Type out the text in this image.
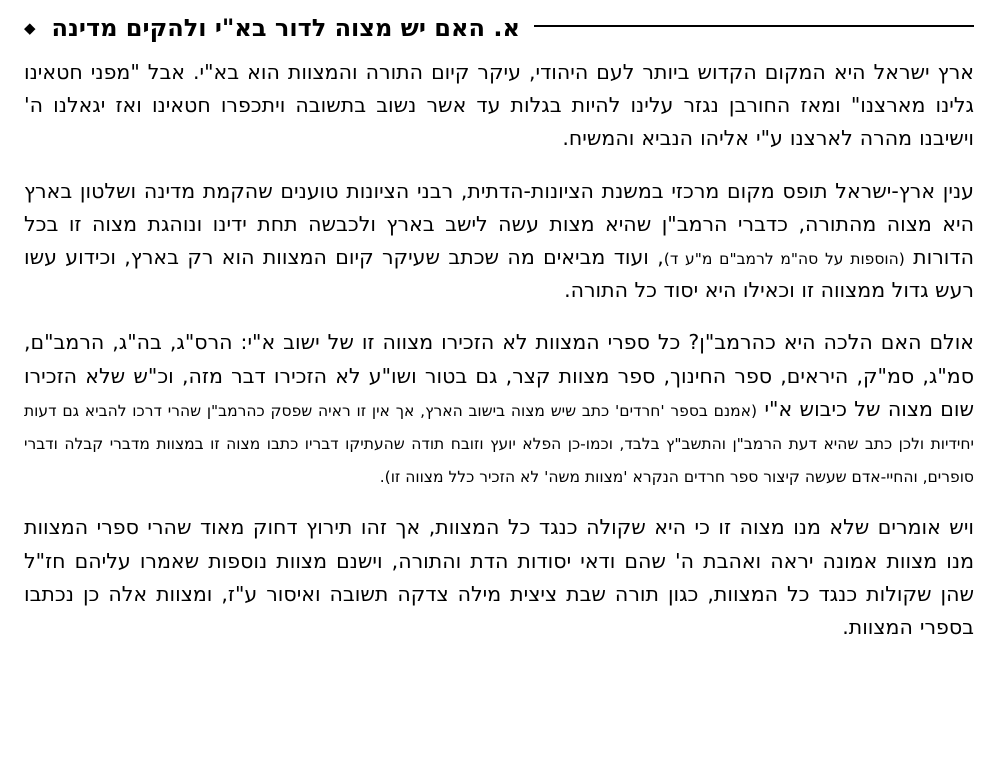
א. האם יש מצוה לדור בא"י ולהקים מדינה
◆

ארץ ישראל היא המקום הקדוש ביותר לעם היהודי, עיקר קיום התורה והמצוות הוא בא"י. אבל "מפני חטאינו גלינו מארצנו" ומאז החורבן נגזר עלינו להיות בגלות עד אשר נשוב בתשובה ויתכפרו חטאינו ואז יגאלנו ה' וישיבנו מהרה לארצנו ע"י אליהו הנביא והמשיח.

ענין ארץ-ישראל תופס מקום מרכזי במשנת הציונות-הדתית, רבני הציונות טוענים שהקמת מדינה ושלטון בארץ היא מצוה מהתורה, כדברי הרמב"ן שהיא מצות עשה לישב בארץ ולכבשה תחת ידינו ונוהגת מצוה זו בכל הדורות (הוספות על סה"מ לרמב"ם מ"ע ד), ועוד מביאים מה שכתב שעיקר קיום המצוות הוא רק בארץ, וכידוע עשו רעש גדול ממצווה זו וכאילו היא יסוד כל התורה.

אולם האם הלכה היא כהרמב"ן? כל ספרי המצוות לא הזכירו מצווה זו של ישוב א"י: הרס"ג, בה"ג, הרמב"ם, סמ"ג, סמ"ק, היראים, ספר החינוך, ספר מצוות קצר, גם בטור ושו"ע לא הזכירו דבר מזה, וכ"ש שלא הזכירו שום מצוה של כיבוש א"י (אמנם בספר 'חרדים' כתב שיש מצוה בישוב הארץ, אך אין זו ראיה שפסק כהרמב"ן שהרי דרכו להביא גם דעות יחידיות ולכן כתב שהיא דעת הרמב"ן והתשב"ץ בלבד, וכמו-כן הפלא יועץ וזובח תודה שהעתיקו דבריו כתבו מצוה זו במצוות מדברי קבלה ודברי סופרים, והחיי-אדם שעשה קיצור ספר חרדים הנקרא 'מצוות משה' לא הזכיר כלל מצווה זו).

ויש אומרים שלא מנו מצוה זו כי היא שקולה כנגד כל המצוות, אך זהו תירוץ דחוק מאוד שהרי ספרי המצוות מנו מצוות אמונה יראה ואהבת ה' שהם ודאי יסודות הדת והתורה, וישנם מצוות נוספות שאמרו עליהם חז"ל שהן שקולות כנגד כל המצוות, כגון תורה שבת ציצית מילה צדקה תשובה ואיסור ע"ז, ומצוות אלה כן נכתבו בספרי המצוות.
